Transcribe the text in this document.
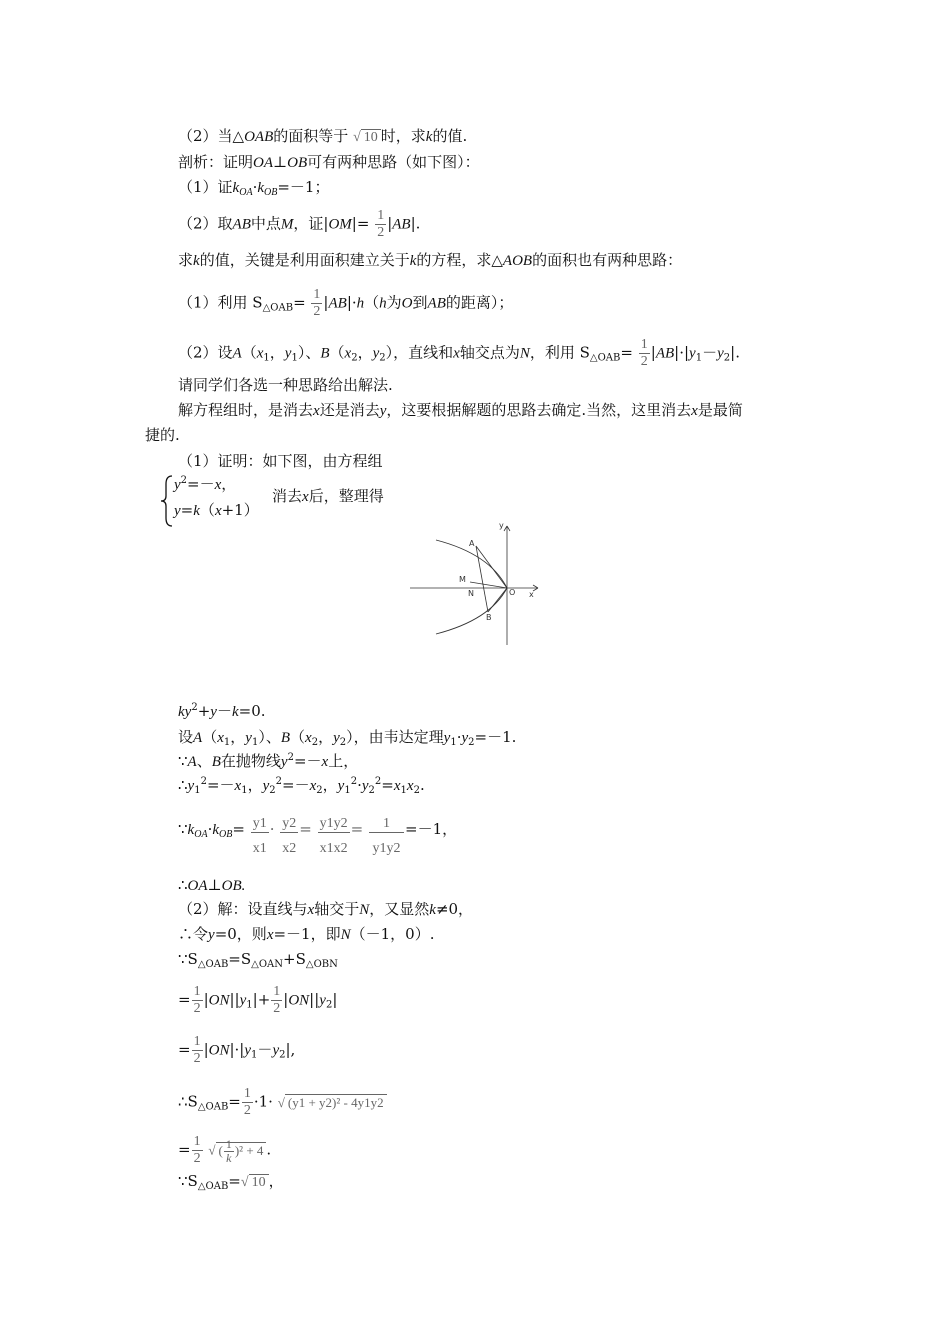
（2）当△OAB的面积等于 √ 10 时，求k的值.
剖析：证明OA⊥OB可有两种思路（如下图）：
（1）证$k_{OA}\cdot k_{OB}=-1$；
（2）取AB中点M，证$|OM|= \frac{1}{2} |AB|$.
求k的值，关键是利用面积建立关于k的方程，求△AOB的面积也有两种思路：
（1）利用 $S_{\triangle OAB}= \frac{1}{2} |AB|\cdot h(h$为O到AB的距离）；
（2）设$A(x_1$，$y_1$）、$B(x_2$，$y_2$），直线和x轴交点为N，利用 $S_{\triangle OAB}= \frac{1}{2} |AB|\cdot|y_1-y_2|$.
请同学们各选一种思路给出解法.
解方程组时，是消去x还是消去y，这要根据解题的思路去确定.当然，这里消去x是最简
捷的.
（1）证明：如下图，由方程组
$y^2=-x$，
y=k（x+1）
消去x后，整理得
A
M
N
B
O x
y
$ky^2+y-k=0$.
设$A(x_1$，$y_1$）、$B(x_2$，$y_2$），由韦达定理$y_1\cdot y_2=-1$.
∵A、B在抛物线$y^2=-x$上，
$\therefore y_1^2=-x_1$，$y_2^2=-x_2$，$y_1^2\cdot y_2^2=x_1x_2$.
$\because k_{OA}\cdot k_{OB}= \frac{y1}{x1} \cdot \frac{y2}{x2} = \frac{y1y2}{x1x2} = \frac{1}{y1y2} =-1$，
∴OA⊥OB.
（2）解：设直线与x轴交于N，又显然k≠0，
∴令y=0，则x=－1，即N（－1，0）.
$\because S_{\triangle OAB}=S_{\triangle OAN}+S_{\triangle OBN}$
= $\frac{1}{2} |ON||y_1|+ \frac{1}{2} |ON||y_2|$
= $\frac{1}{2} |ON|\cdot|y_1-y_2|$,
$\therefore S_{\triangle OAB}= \frac{1}{2} \cdot 1\cdot$ √ (y1 + y2)² - 4y1y2
= $\frac{1}{2}$ √ ( $\frac{1}{k} )^2 + 4$ .
$\because S_{\triangle OAB}=√$ 10 ，
